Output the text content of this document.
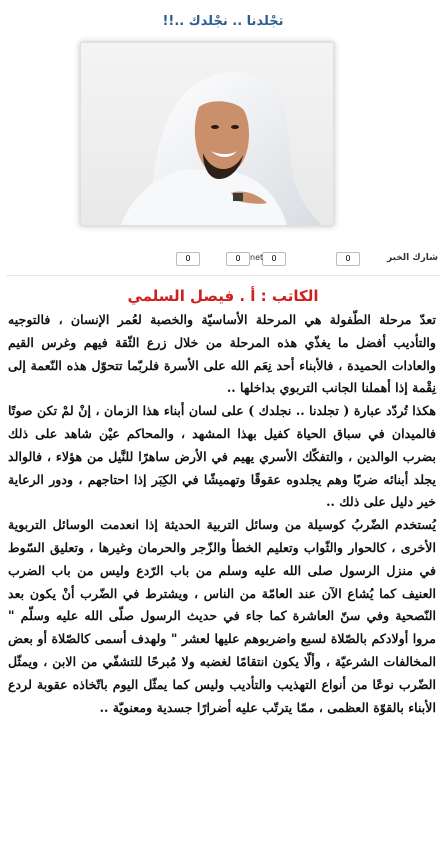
تجْلدنا .. نجْلدك ..!!
شارك الخبر
0
0
net
0
0
الكاتب : أ . فيصل السلمي

تعدّ مرحلة الطّفولة هي المرحلة الأساسيّة والخصبة لعُمر الإنسان ، فالتوجيه والتأديب أفضل ما يغذّي هذه المرحلة من خلال زرع الثّقة فيهم وغرس القيم والعادات الحميدة ، فالأبناء أحد نِعَم الله على الأسرة فلربّما تتحوّل هذه النّعمة إلى نِقْمة إذا أهملنا الجانب التربوي بداخلها ..

هكذا تُردّد عبارة ( تجلدنا .. نجلدك ) على لسان أبناء هذا الزمان ، إنْ لمْ تكن صوتًا فالميدان في سباق الحياة كفيل بهذا المشهد ، والمحاكم عيْن شاهد على ذلك بضرب الوالدين ، والتفكّك الأسري يهيم في الأرض ساهرًا للنَّيل من هؤلاء ، فالوالد يجلد أبنائه ضربًا وهم يجلدوه عقوقًا وتهميشًا في الكِبَر إذا احتاجهم ، ودور الرعاية خير دليل على ذلك ..

يُستخدم الضّربُ كوسيلة من وسائل التربية الحديثة إذا انعدمت الوسائل التربوية الأخرى ، كالحوار والثّواب وتعليم الخطأ والزّجر والحرمان وغيرها ، وتعليق السّوط في منزل الرسول صلى الله عليه وسلم من باب الرّدع وليس من باب الضرب العنيف كما يُشاع الآن عند العامّة من الناس ، ويشترط في الضّرب أنْ يكون بعد النّصحية وفي سنّ العاشرة كما جاء في حديث الرسول صلّى الله عليه وسلّم " مروا أولادكم بالصّلاة لسبع واضربوهم عليها لعشر " ولهدف أسمى كالصّلاة أو بعض المخالفات الشرعيّة ، وألّا يكون انتقامًا لغضبه ولا مُبرحًا للتشفّي من الابن ، ويمثّل الضّرب نوعًا من أنواع التهذيب والتأديب وليس كما يمثّل اليوم باتّخاذه عقوبة لردع الأبناء بالقوّة العظمى ، ممّا يترتّب عليه أضرارًا جسدية ومعنويّة ..
